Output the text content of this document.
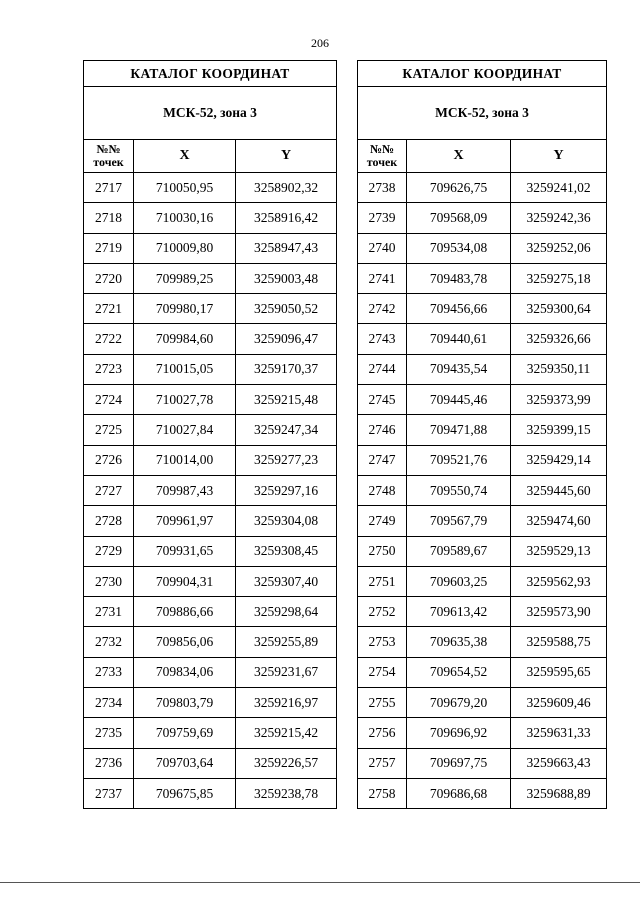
206
КАТАЛОГ КООРДИНАТ		
МСК-52, зона 3		
№№
точек	X	Y
2717	710050,95	3258902,32
2718	710030,16	3258916,42
2719	710009,80	3258947,43
2720	709989,25	3259003,48
2721	709980,17	3259050,52
2722	709984,60	3259096,47
2723	710015,05	3259170,37
2724	710027,78	3259215,48
2725	710027,84	3259247,34
2726	710014,00	3259277,23
2727	709987,43	3259297,16
2728	709961,97	3259304,08
2729	709931,65	3259308,45
2730	709904,31	3259307,40
2731	709886,66	3259298,64
2732	709856,06	3259255,89
2733	709834,06	3259231,67
2734	709803,79	3259216,97
2735	709759,69	3259215,42
2736	709703,64	3259226,57
2737	709675,85	3259238,78
КАТАЛОГ КООРДИНАТ		
МСК-52, зона 3		
№№
точек	X	Y
2738	709626,75	3259241,02
2739	709568,09	3259242,36
2740	709534,08	3259252,06
2741	709483,78	3259275,18
2742	709456,66	3259300,64
2743	709440,61	3259326,66
2744	709435,54	3259350,11
2745	709445,46	3259373,99
2746	709471,88	3259399,15
2747	709521,76	3259429,14
2748	709550,74	3259445,60
2749	709567,79	3259474,60
2750	709589,67	3259529,13
2751	709603,25	3259562,93
2752	709613,42	3259573,90
2753	709635,38	3259588,75
2754	709654,52	3259595,65
2755	709679,20	3259609,46
2756	709696,92	3259631,33
2757	709697,75	3259663,43
2758	709686,68	3259688,89
